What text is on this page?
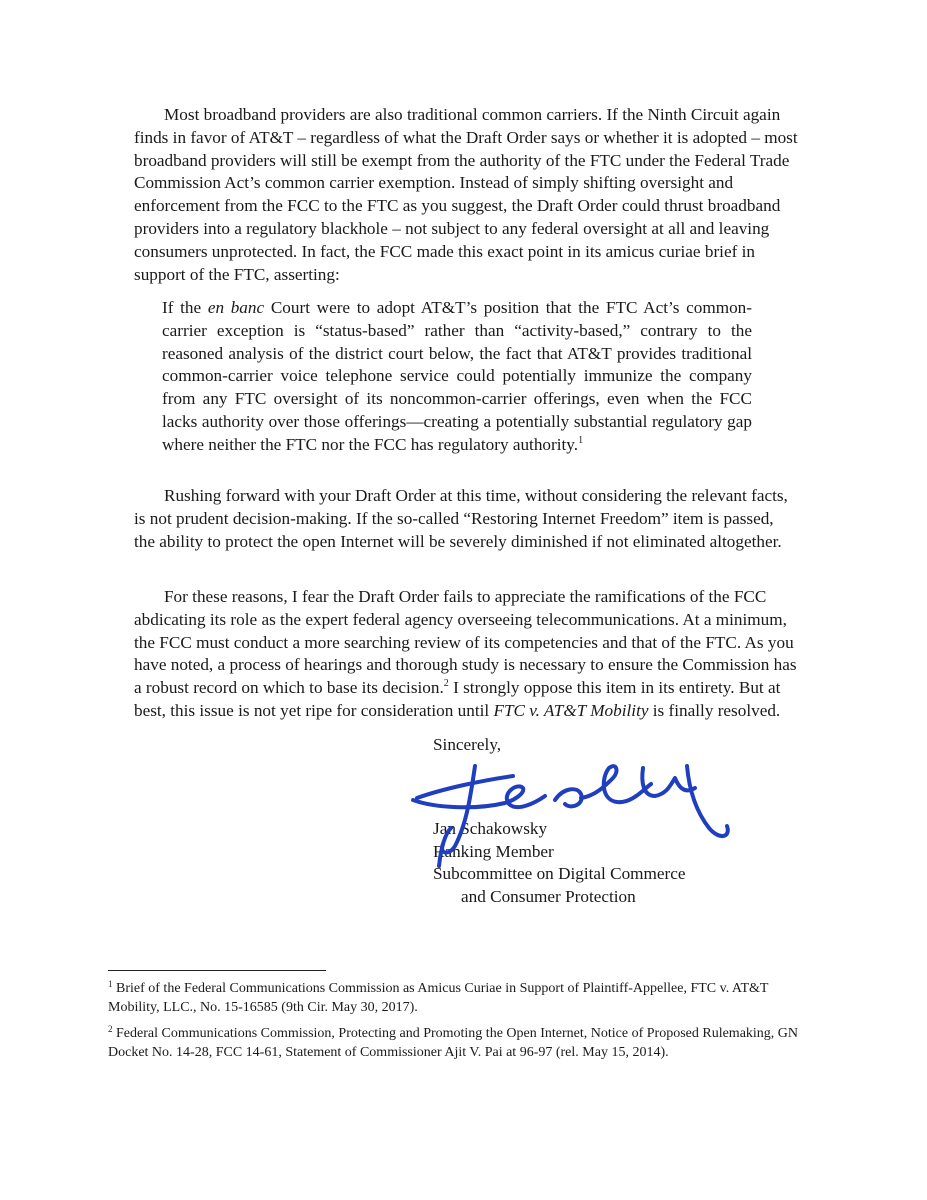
Most broadband providers are also traditional common carriers. If the Ninth Circuit again finds in favor of AT&T – regardless of what the Draft Order says or whether it is adopted – most broadband providers will still be exempt from the authority of the FTC under the Federal Trade Commission Act’s common carrier exemption. Instead of simply shifting oversight and enforcement from the FCC to the FTC as you suggest, the Draft Order could thrust broadband providers into a regulatory blackhole – not subject to any federal oversight at all and leaving consumers unprotected. In fact, the FCC made this exact point in its amicus curiae brief in support of the FTC, asserting:

If the en banc Court were to adopt AT&T’s position that the FTC Act’s common-carrier exception is “status-based” rather than “activity-based,” contrary to the reasoned analysis of the district court below, the fact that AT&T provides traditional common-carrier voice telephone service could potentially immunize the company from any FTC oversight of its noncommon-carrier offerings, even when the FCC lacks authority over those offerings—creating a potentially substantial regulatory gap where neither the FTC nor the FCC has regulatory authority.$^1$

Rushing forward with your Draft Order at this time, without considering the relevant facts, is not prudent decision-making. If the so-called “Restoring Internet Freedom” item is passed, the ability to protect the open Internet will be severely diminished if not eliminated altogether.

For these reasons, I fear the Draft Order fails to appreciate the ramifications of the FCC abdicating its role as the expert federal agency overseeing telecommunications. At a minimum, the FCC must conduct a more searching review of its competencies and that of the FTC. As you have noted, a process of hearings and thorough study is necessary to ensure the Commission has a robust record on which to base its decision.$^2$ I strongly oppose this item in its entirety. But at best, this issue is not yet ripe for consideration until FTC v. AT&T Mobility is finally resolved.

Sincerely,
Jan Schakowsky
Ranking Member
Subcommittee on Digital Commerce
and Consumer Protection

$^1$ Brief of the Federal Communications Commission as Amicus Curiae in Support of Plaintiff-Appellee, FTC v. AT&T Mobility, LLC., No. 15-16585 (9th Cir. May 30, 2017).

$^2$ Federal Communications Commission, Protecting and Promoting the Open Internet, Notice of Proposed Rulemaking, GN Docket No. 14-28, FCC 14-61, Statement of Commissioner Ajit V. Pai at 96-97 (rel. May 15, 2014).
